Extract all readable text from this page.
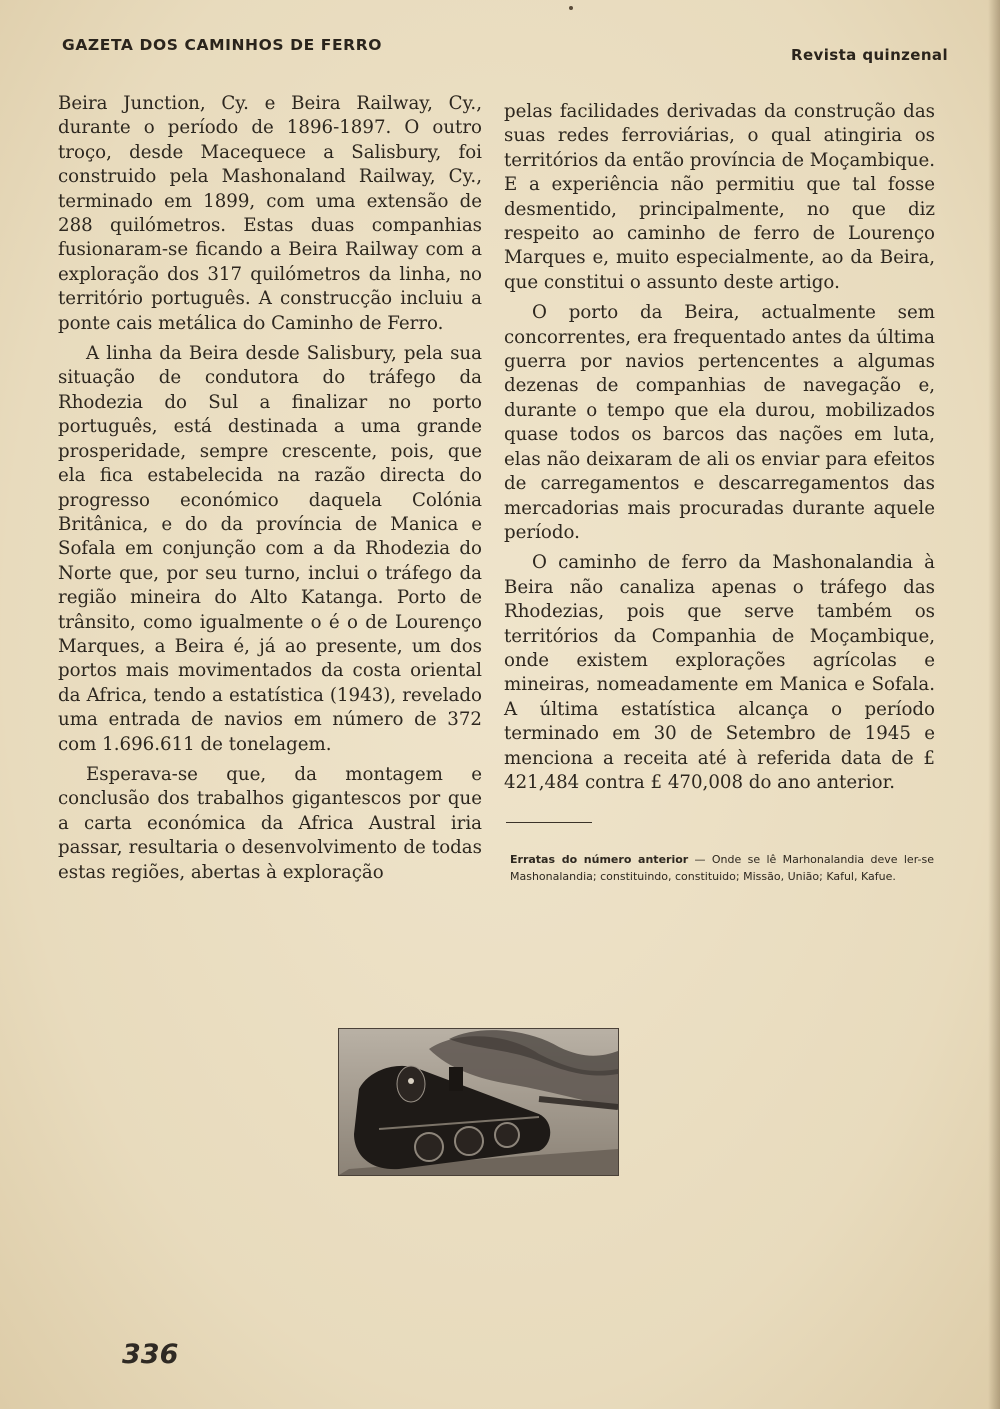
GAZETA DOS CAMINHOS DE FERRO
Revista quinzenal

Beira Junction, Cy. e Beira Railway, Cy., durante o período de 1896-1897. O outro troço, desde Macequece a Salisbury, foi construido pela Mashonaland Railway, Cy., terminado em 1899, com uma extensão de 288 quilómetros. Estas duas companhias fusionaram-se ficando a Beira Railway com a exploração dos 317 quilómetros da linha, no território português. A construcção incluiu a ponte cais metálica do Caminho de Ferro.

A linha da Beira desde Salisbury, pela sua situação de condutora do tráfego da Rhodezia do Sul a finalizar no porto português, está destinada a uma grande prosperidade, sempre crescente, pois, que ela fica estabelecida na razão directa do progresso económico daquela Colónia Britânica, e do da província de Manica e Sofala em conjunção com a da Rhodezia do Norte que, por seu turno, inclui o tráfego da região mineira do Alto Katanga. Porto de trânsito, como igualmente o é o de Lourenço Marques, a Beira é, já ao presente, um dos portos mais movimentados da costa oriental da Africa, tendo a estatística (1943), revelado uma entrada de navios em número de 372 com 1.696.611 de tonelagem.

Esperava-se que, da montagem e conclusão dos trabalhos gigantescos por que a carta económica da Africa Austral iria passar, resultaria o desenvolvimento de todas estas regiões, abertas à exploração

pelas facilidades derivadas da construção das suas redes ferroviárias, o qual atingiria os territórios da então província de Moçambique. E a experiência não permitiu que tal fosse desmentido, principalmente, no que diz respeito ao caminho de ferro de Lourenço Marques e, muito especialmente, ao da Beira, que constitui o assunto deste artigo.

O porto da Beira, actualmente sem concorrentes, era frequentado antes da última guerra por navios pertencentes a algumas dezenas de companhias de navegação e, durante o tempo que ela durou, mobilizados quase todos os barcos das nações em luta, elas não deixaram de ali os enviar para efeitos de carregamentos e descarregamentos das mercadorias mais procuradas durante aquele período.

O caminho de ferro da Mashonalandia à Beira não canaliza apenas o tráfego das Rhodezias, pois que serve também os territórios da Companhia de Moçambique, onde existem explorações agrícolas e mineiras, nomeadamente em Manica e Sofala. A última estatística alcança o período terminado em 30 de Setembro de 1945 e menciona a receita até à referida data de £ 421,484 contra £ 470,008 do ano anterior.

Erratas do número anterior — Onde se lê Marhonalandia deve ler-se Mashonalandia; constituindo, constituido; Missão, União; Kaful, Kafue.
336
